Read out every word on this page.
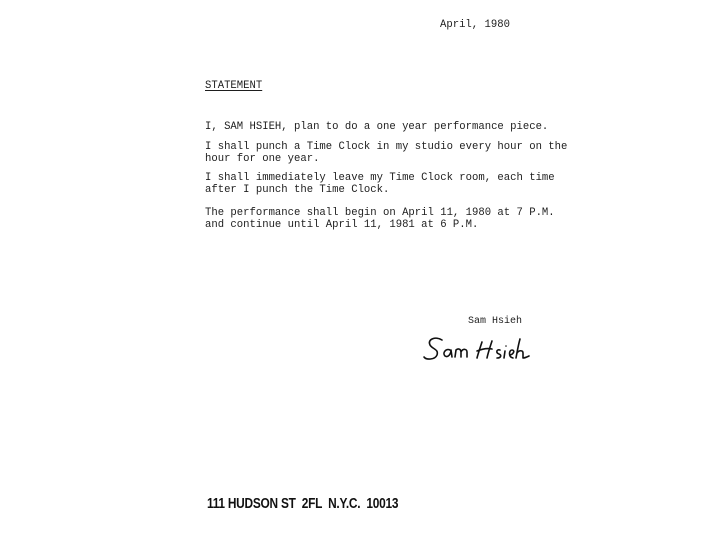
April, 1980
STATEMENT
I, SAM HSIEH, plan to do a one year performance piece.
I shall punch a Time Clock in my studio every hour on the
hour for one year.
I shall immediately leave my Time Clock room, each time
after I punch the Time Clock.
The performance shall begin on April 11, 1980 at 7 P.M.
and continue until April 11, 1981 at 6 P.M.
Sam Hsieh
111 HUDSON ST  2FL  N.Y.C.  10013
